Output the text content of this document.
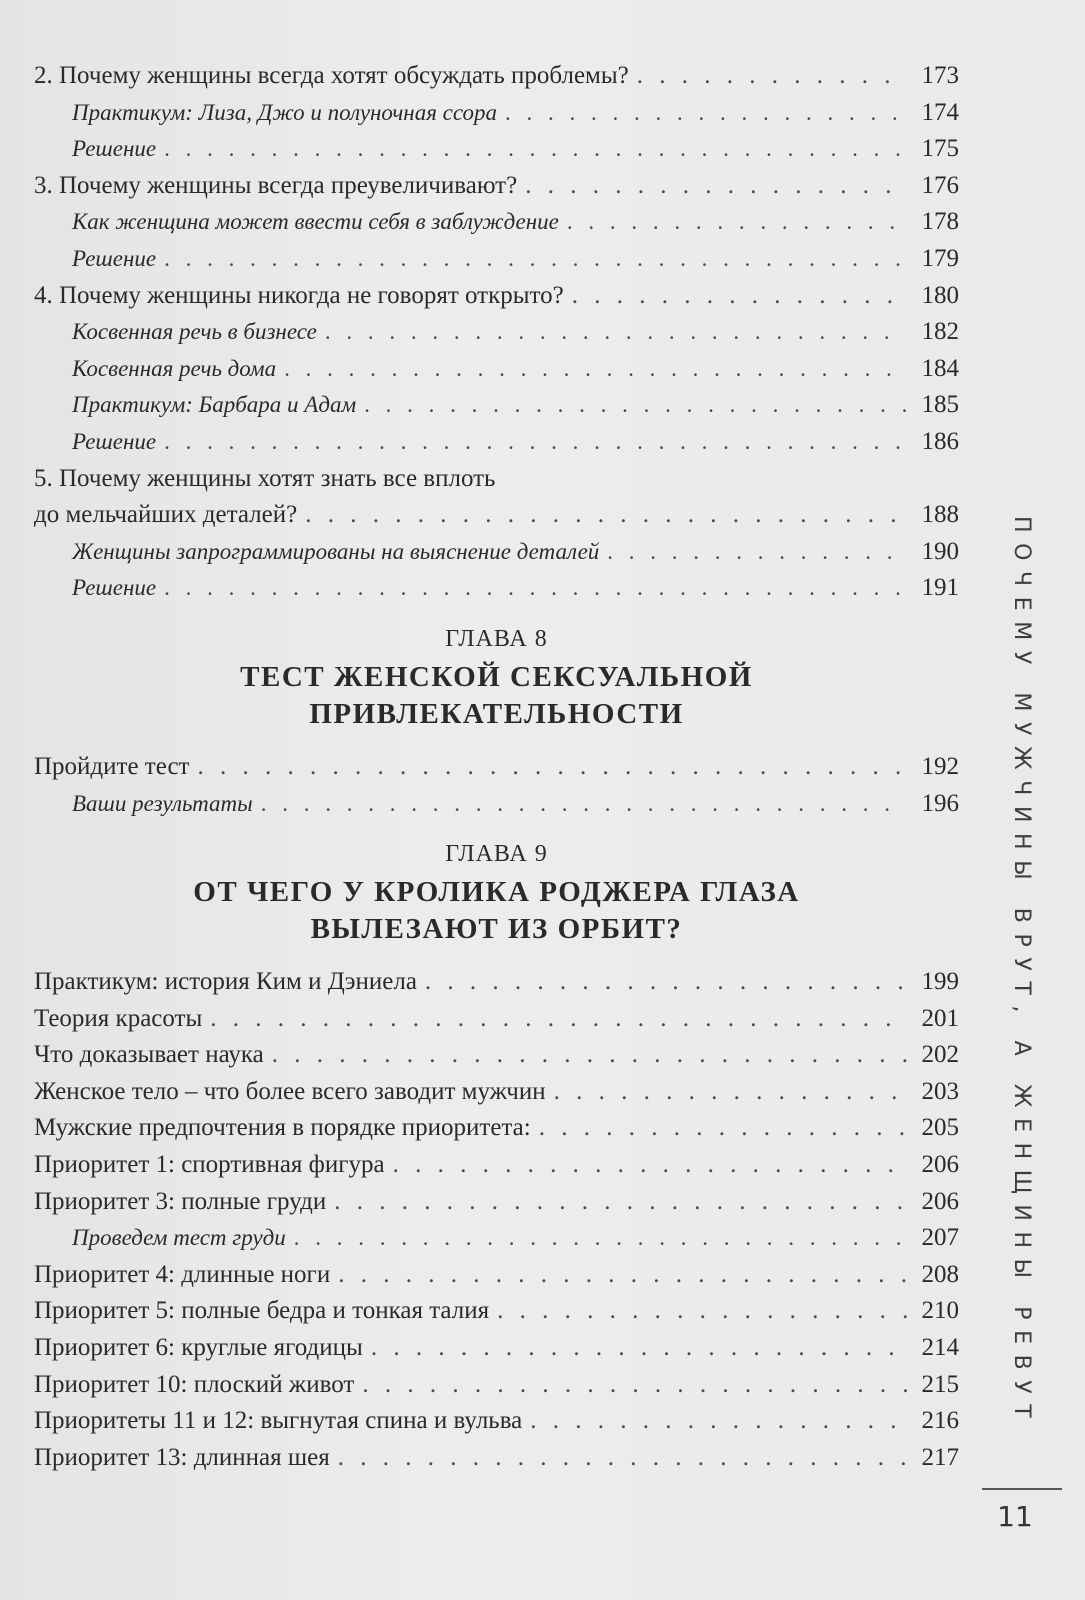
2. Почему женщины всегда хотят обсуждать проблемы? . . .	173
Практикум: Лиза, Джо и полуночная ссора . . .	174
Решение . . .	175
3. Почему женщины всегда преувеличивают? . . .	176
Как женщина может ввести себя в заблуждение . . .	178
Решение . . .	179
4. Почему женщины никогда не говорят открыто? . . .	180
Косвенная речь в бизнесе . . .	182
Косвенная речь дома . . .	184
Практикум: Барбара и Адам . . .	185
Решение . . .	186
5. Почему женщины хотят знать все вплоть
до мельчайших деталей? . . .	188
Женщины запрограммированы на выяснение деталей . . .	190
Решение . . .	191
ГЛАВА 8
ТЕСТ ЖЕНСКОЙ СЕКСУАЛЬНОЙ
ПРИВЛЕКАТЕЛЬНОСТИ
Пройдите тест . . .	192
Ваши результаты . . .	196
ГЛАВА 9
ОТ ЧЕГО У КРОЛИКА РОДЖЕРА ГЛАЗА
ВЫЛЕЗАЮТ ИЗ ОРБИТ?
Практикум: история Ким и Дэниела . . .	199
Теория красоты . . .	201
Что доказывает наука . . .	202
Женское тело – что более всего заводит мужчин . . .	203
Мужские предпочтения в порядке приоритета: . . .	205
Приоритет 1: спортивная фигура . . .	206
Приоритет 3: полные груди . . .	206
Проведем тест груди . . .	207
Приоритет 4: длинные ноги . . .	208
Приоритет 5: полные бедра и тонкая талия . . .	210
Приоритет 6: круглые ягодицы . . .	214
Приоритет 10: плоский живот . . .	215
Приоритеты 11 и 12: выгнутая спина и вульва . . .	216
Приоритет 13: длинная шея . . .	217
ПОЧЕМУ МУЖЧИНЫ ВРУТ, А ЖЕНЩИНЫ РЕВУТ
11
